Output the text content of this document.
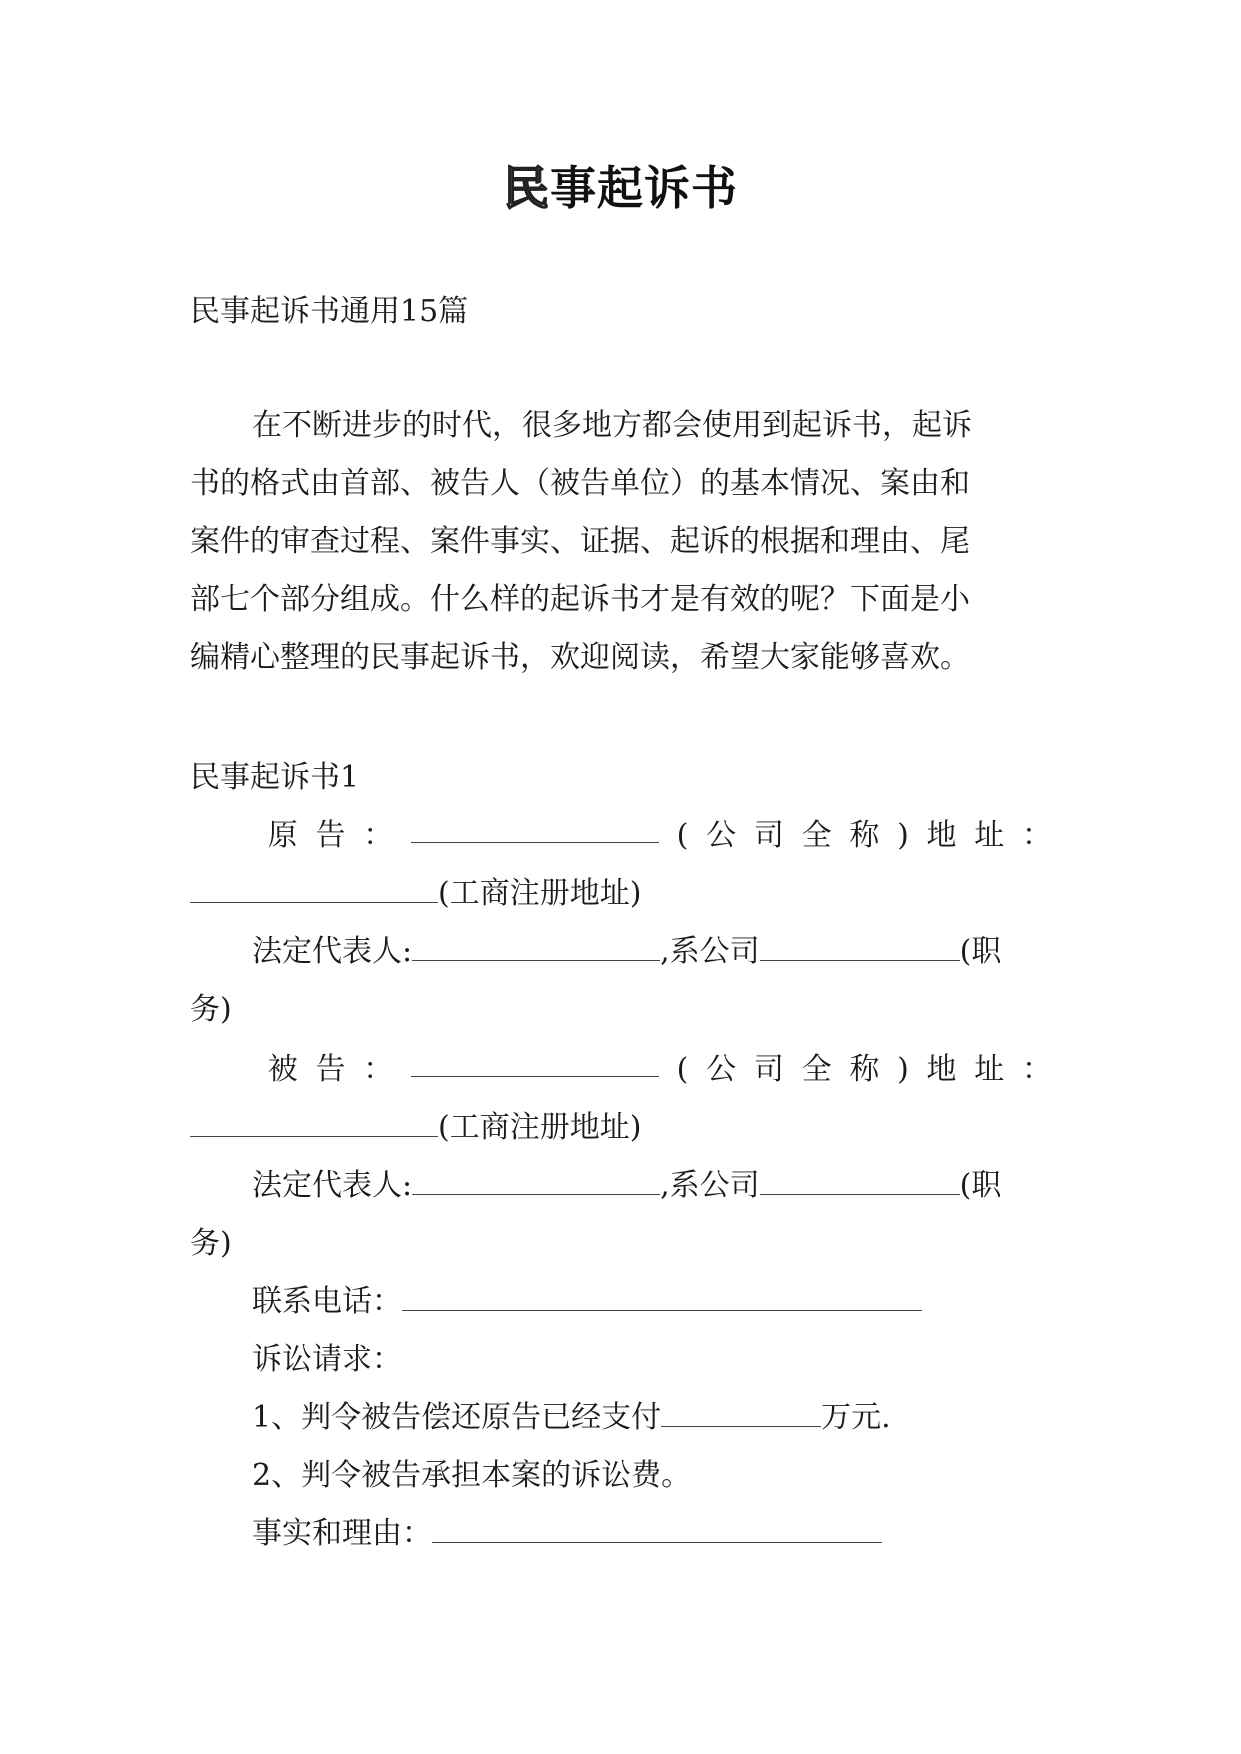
民事起诉书
民事起诉书通用15篇
在不断进步的时代，很多地方都会使用到起诉书，起诉
书的格式由首部、被告人（被告单位）的基本情况、案由和
案件的审查过程、案件事实、证据、起诉的根据和理由、尾
部七个部分组成。什么样的起诉书才是有效的呢？下面是小
编精心整理的民事起诉书，欢迎阅读，希望大家能够喜欢。
民事起诉书1
原 告 ：	( 公 司 全 称 ) 地 址 ：
(工商注册地址)
法定代表人:	,系公司	(职
务)
被 告 ：	( 公 司 全 称 ) 地 址 ：
(工商注册地址)
法定代表人:	,系公司	(职
务)
联系电话：
诉讼请求：
1、判令被告偿还原告已经支付	万元.
2、判令被告承担本案的诉讼费。
事实和理由：
